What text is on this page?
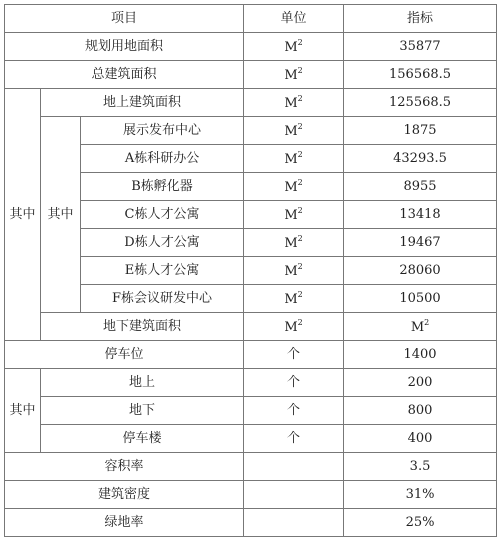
项目			单位	指标
规划用地面积			$M^2$	35877
总建筑面积			$M^2$	156568.5
其中	地上建筑面积		$M^2$	125568.5
	其中	展示发布中心	$M^2$	1875
		A栋科研办公	$M^2$	43293.5
		B栋孵化器	$M^2$	8955
		C栋人才公寓	$M^2$	13418
		D栋人才公寓	$M^2$	19467
		E栋人才公寓	$M^2$	28060
		F栋会议研发中心	$M^2$	10500
	地下建筑面积		$M^2$	$M^2$
停车位			个	1400
其中	地上		个	200
	地下		个	800
	停车楼		个	400
容积率				3.5
建筑密度				31%
绿地率				25%
